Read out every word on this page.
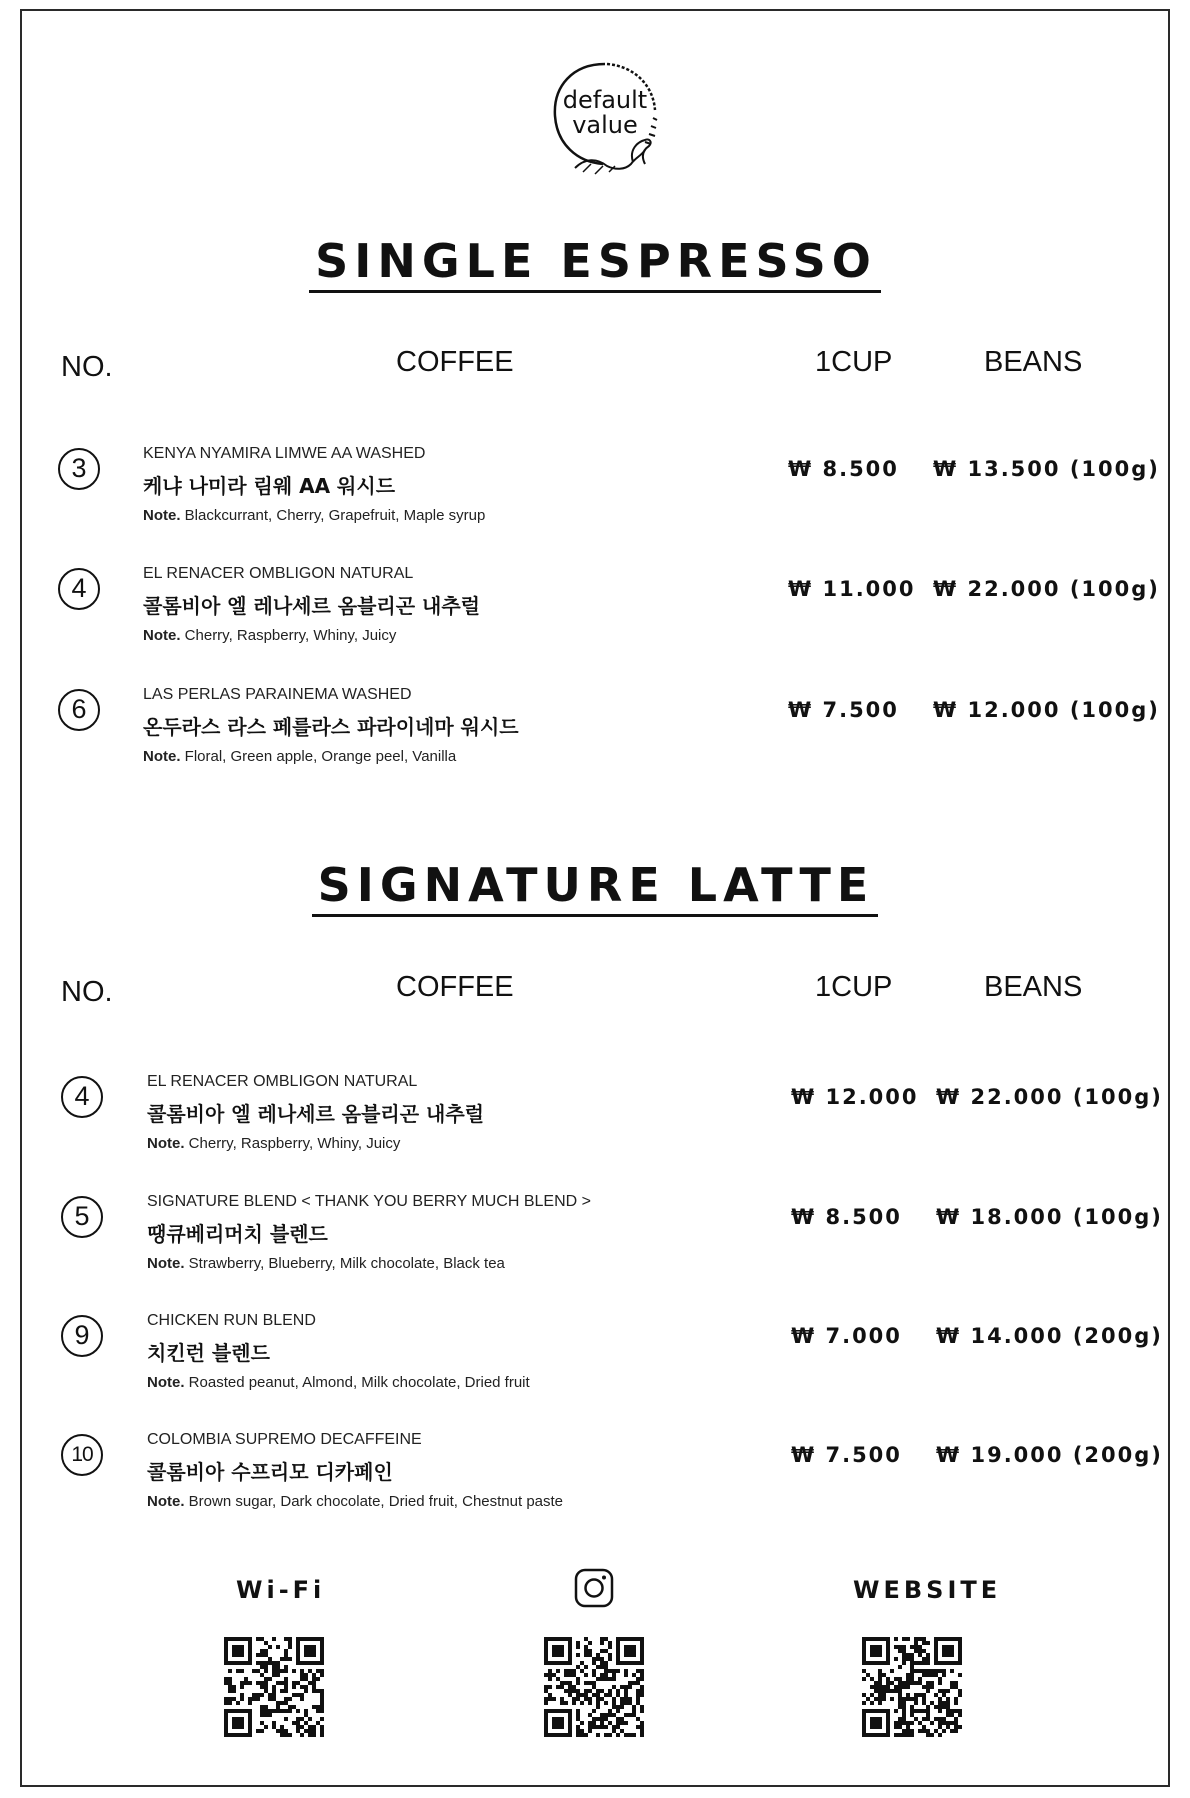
default
value
SINGLE ESPRESSO
NO.	COFFEE	1CUP	BEANS
3	KENYA NYAMIRA LIMWE AA WASHED
케냐 나미라 림웨 AA 워시드
Note. Blackcurrant, Cherry, Grapefruit, Maple syrup
₩ 8.500 ₩ 13.500 (100g)
4	EL RENACER OMBLIGON NATURAL
콜롬비아 엘 레나세르 옴블리곤 내추럴
Note. Cherry, Raspberry, Whiny, Juicy
₩ 11.000 ₩ 22.000 (100g)
6	LAS PERLAS PARAINEMA WASHED
온두라스 라스 페를라스 파라이네마 워시드
Note. Floral, Green apple, Orange peel, Vanilla
₩ 7.500 ₩ 12.000 (100g)
SIGNATURE LATTE
NO.	COFFEE	1CUP	BEANS
4	EL RENACER OMBLIGON NATURAL
콜롬비아 엘 레나세르 옴블리곤 내추럴
Note. Cherry, Raspberry, Whiny, Juicy
₩ 12.000 ₩ 22.000 (100g)
5	SIGNATURE BLEND < THANK YOU BERRY MUCH BLEND >
땡큐베리머치 블렌드
Note. Strawberry, Blueberry, Milk chocolate, Black tea
₩ 8.500 ₩ 18.000 (100g)
9	CHICKEN RUN BLEND
치킨런 블렌드
Note. Roasted peanut, Almond, Milk chocolate, Dried fruit
₩ 7.000 ₩ 14.000 (200g)
10
COLOMBIA SUPREMO DECAFFEINE
콜롬비아 수프리모 디카페인
Note. Brown sugar, Dark chocolate, Dried fruit, Chestnut paste
₩ 7.500 ₩ 19.000 (200g)
Wi-Fi	WEBSITE
